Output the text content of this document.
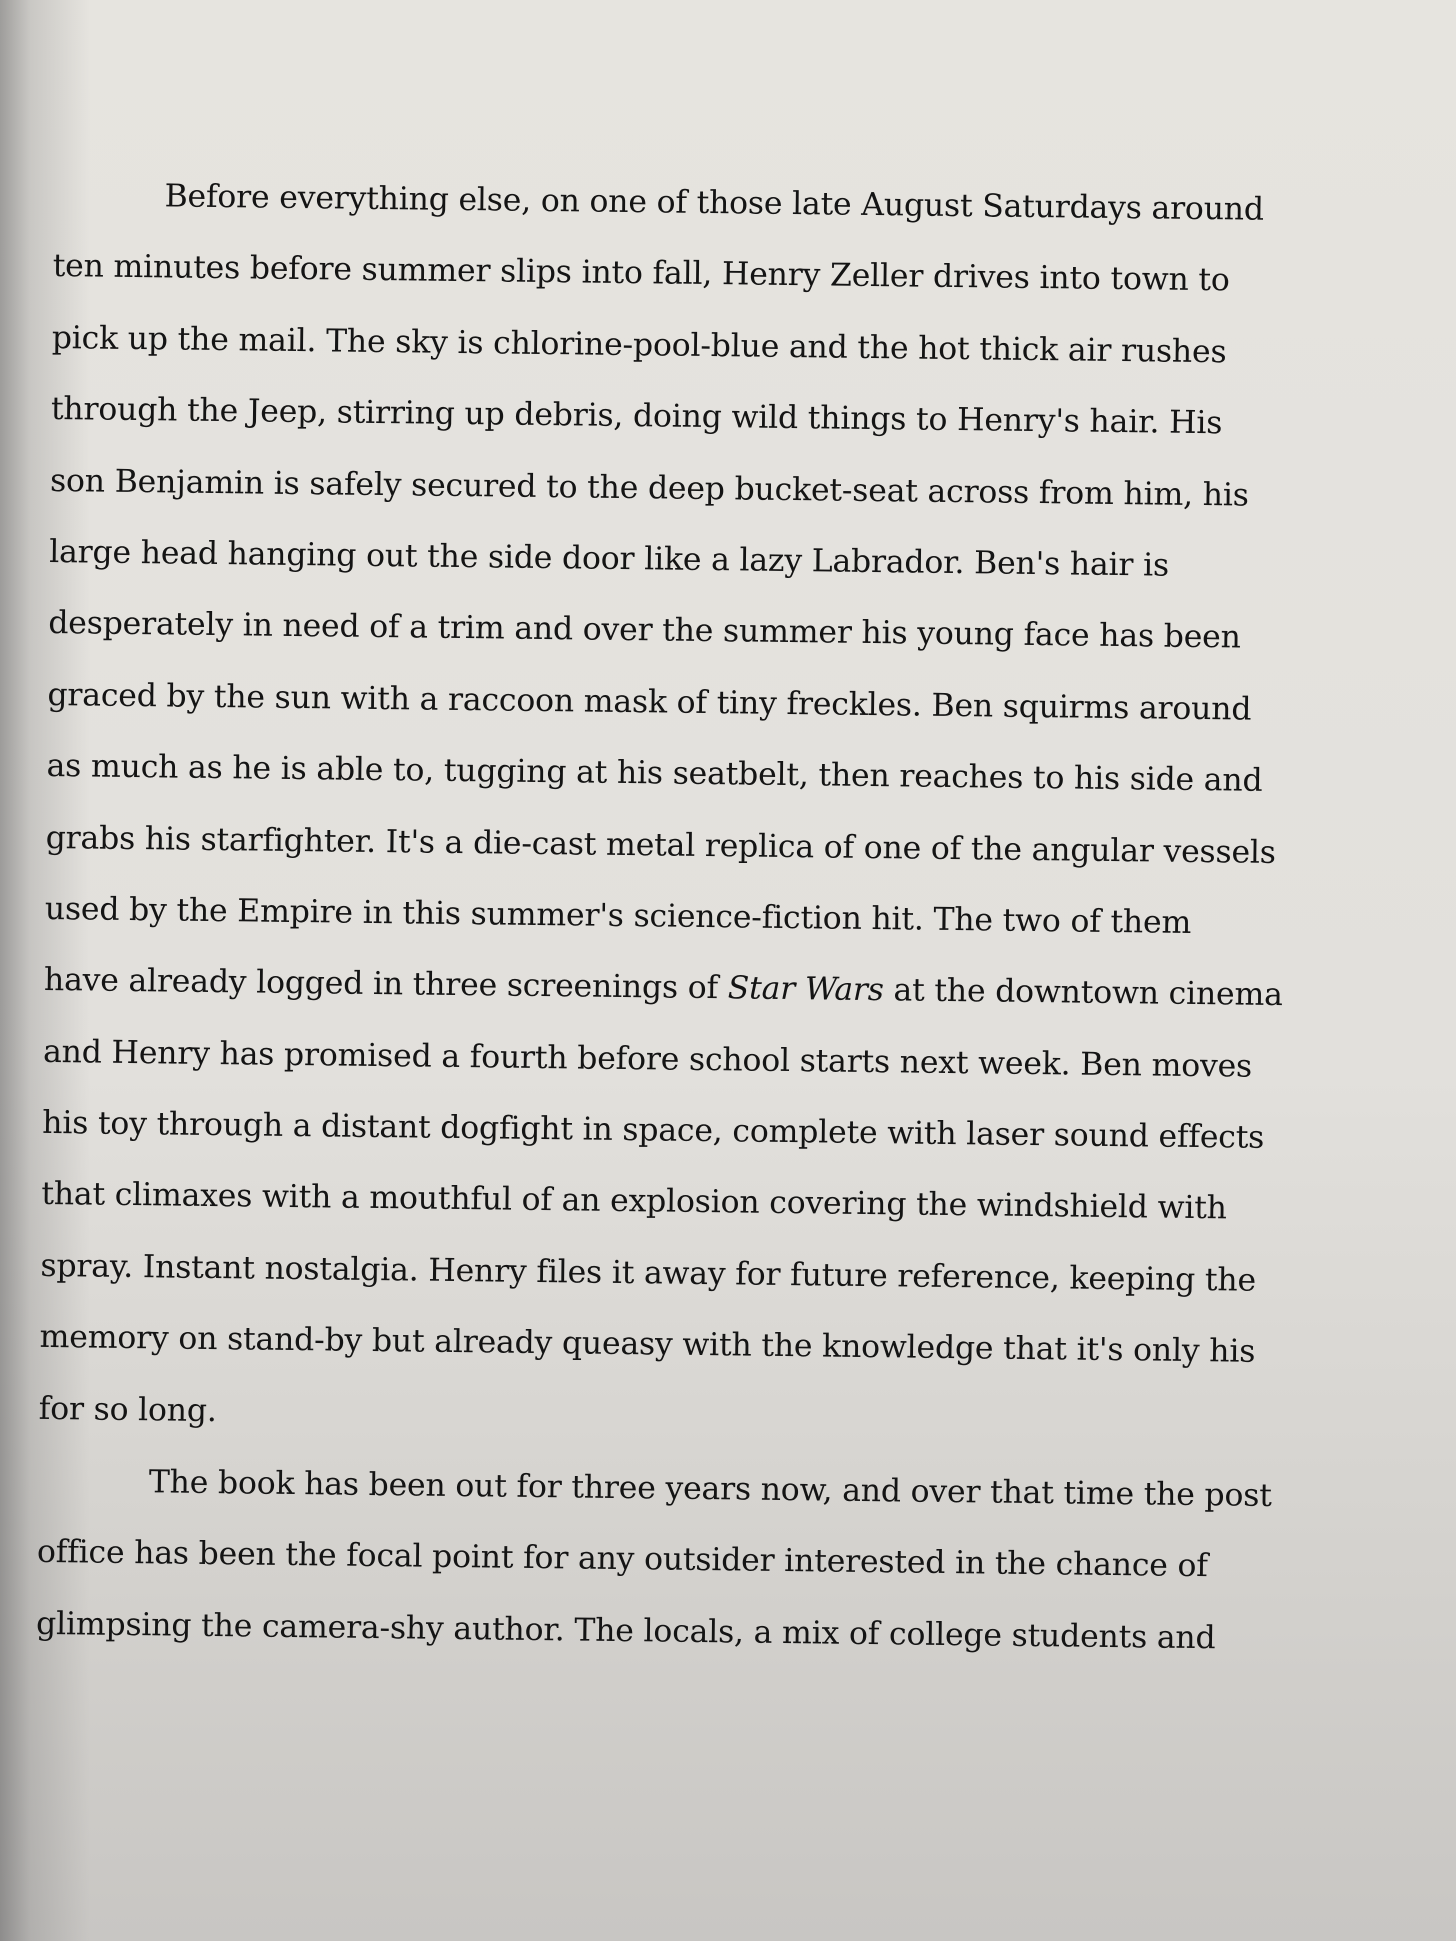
Before everything else, on one of those late August Saturdays around
ten minutes before summer slips into fall, Henry Zeller drives into town to
pick up the mail. The sky is chlorine-pool-blue and the hot thick air rushes
through the Jeep, stirring up debris, doing wild things to Henry's hair. His
son Benjamin is safely secured to the deep bucket-seat across from him, his
large head hanging out the side door like a lazy Labrador. Ben's hair is
desperately in need of a trim and over the summer his young face has been
graced by the sun with a raccoon mask of tiny freckles. Ben squirms around
as much as he is able to, tugging at his seatbelt, then reaches to his side and
grabs his starfighter. It's a die-cast metal replica of one of the angular vessels
used by the Empire in this summer's science-fiction hit. The two of them
have already logged in three screenings of Star Wars at the downtown cinema
and Henry has promised a fourth before school starts next week. Ben moves
his toy through a distant dogfight in space, complete with laser sound effects
that climaxes with a mouthful of an explosion covering the windshield with
spray. Instant nostalgia. Henry files it away for future reference, keeping the
memory on stand-by but already queasy with the knowledge that it's only his
for so long.
The book has been out for three years now, and over that time the post
office has been the focal point for any outsider interested in the chance of
glimpsing the camera-shy author. The locals, a mix of college students and
